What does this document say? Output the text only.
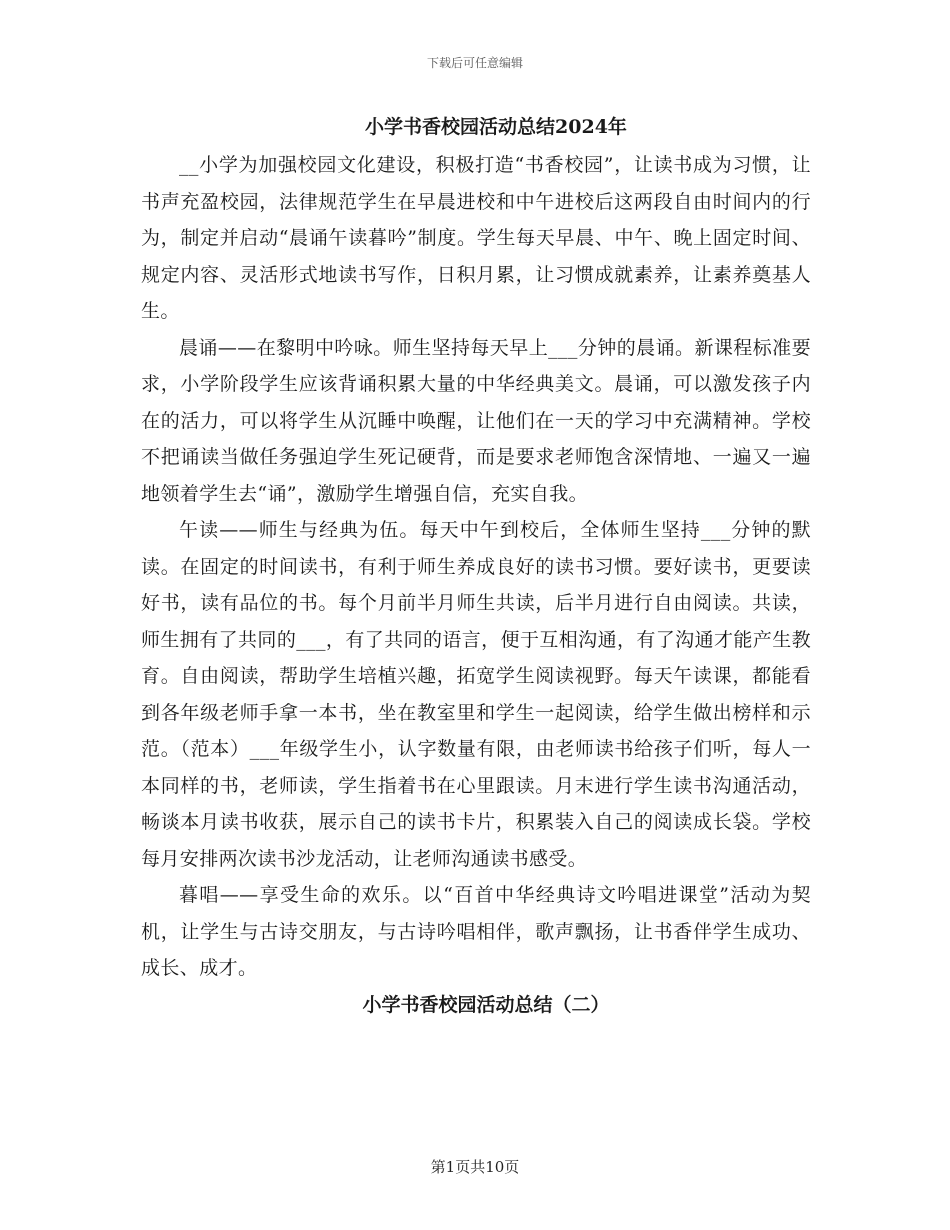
下载后可任意编辑
小学书香校园活动总结2024年

__小学为加强校园文化建设，积极打造“书香校园”，让读书成为习惯，让书声充盈校园，法律规范学生在早晨进校和中午进校后这两段自由时间内的行为，制定并启动“晨诵午读暮吟”制度。学生每天早晨、中午、晚上固定时间、规定内容、灵活形式地读书写作，日积月累，让习惯成就素养，让素养奠基人生。

晨诵——在黎明中吟咏。师生坚持每天早上___分钟的晨诵。新课程标准要求，小学阶段学生应该背诵积累大量的中华经典美文。晨诵，可以激发孩子内在的活力，可以将学生从沉睡中唤醒，让他们在一天的学习中充满精神。学校不把诵读当做任务强迫学生死记硬背，而是要求老师饱含深情地、一遍又一遍地领着学生去“诵”，激励学生增强自信，充实自我。

午读——师生与经典为伍。每天中午到校后，全体师生坚持___分钟的默读。在固定的时间读书，有利于师生养成良好的读书习惯。要好读书，更要读好书，读有品位的书。每个月前半月师生共读，后半月进行自由阅读。共读，师生拥有了共同的___，有了共同的语言，便于互相沟通，有了沟通才能产生教育。自由阅读，帮助学生培植兴趣，拓宽学生阅读视野。每天午读课，都能看到各年级老师手拿一本书，坐在教室里和学生一起阅读，给学生做出榜样和示范。（范本）___年级学生小，认字数量有限，由老师读书给孩子们听，每人一本同样的书，老师读，学生指着书在心里跟读。月末进行学生读书沟通活动，畅谈本月读书收获，展示自己的读书卡片，积累装入自己的阅读成长袋。学校每月安排两次读书沙龙活动，让老师沟通读书感受。

暮唱——享受生命的欢乐。以“百首中华经典诗文吟唱进课堂”活动为契机，让学生与古诗交朋友，与古诗吟唱相伴，歌声飘扬，让书香伴学生成功、成长、成才。

小学书香校园活动总结（二）
第1页共10页
